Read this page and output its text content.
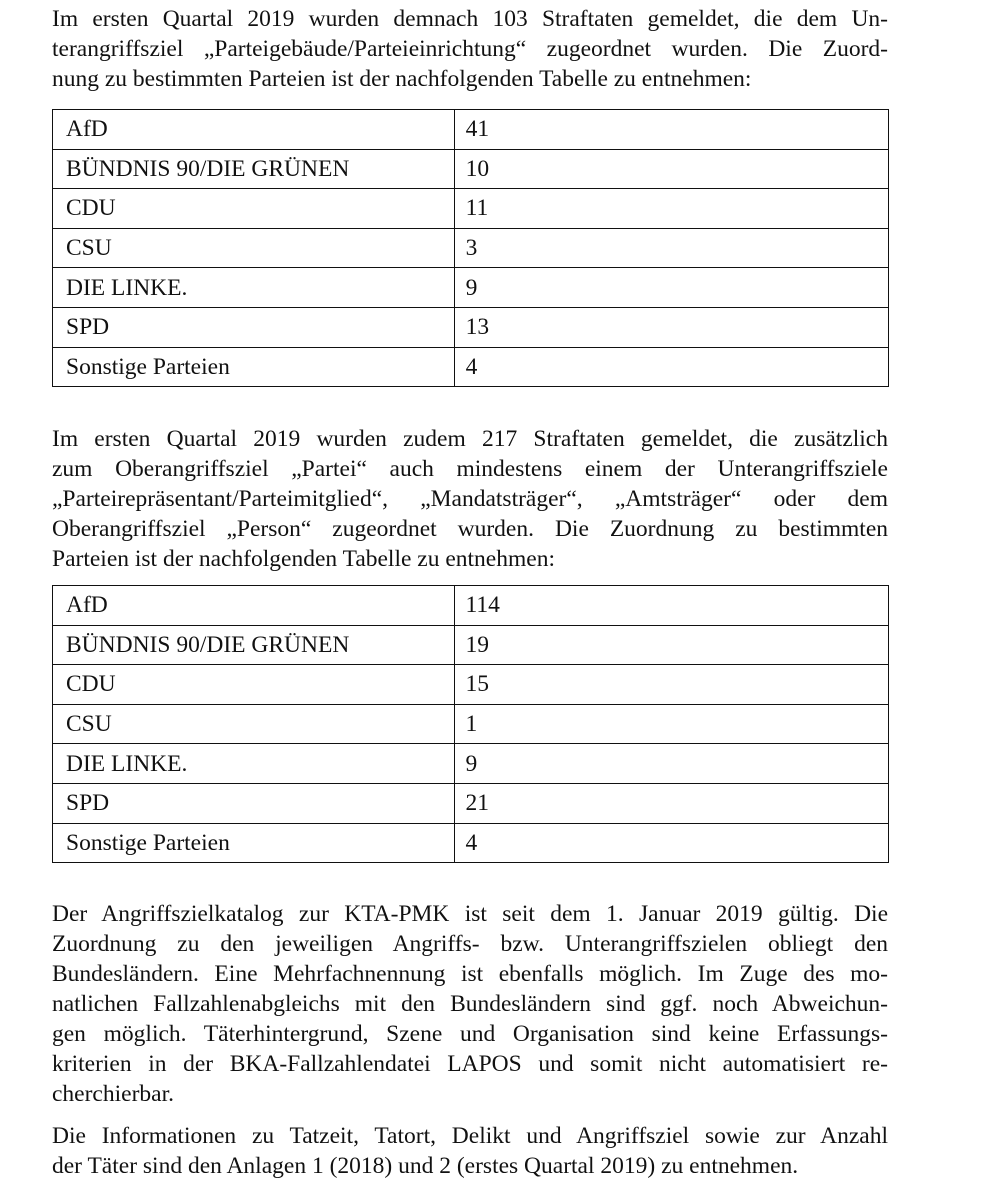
Im ersten Quartal 2019 wurden demnach 103 Straftaten gemeldet, die dem Un-
terangriffsziel „Parteigebäude/Parteieinrichtung“ zugeordnet wurden. Die Zuord-
nung zu bestimmten Parteien ist der nachfolgenden Tabelle zu entnehmen:

AfD	41
BÜNDNIS 90/DIE GRÜNEN	10
CDU	11
CSU	3
DIE LINKE.	9
SPD	13
Sonstige Parteien	4

Im ersten Quartal 2019 wurden zudem 217 Straftaten gemeldet, die zusätzlich
zum Oberangriffsziel „Partei“ auch mindestens einem der Unterangriffsziele
„Parteirepräsentant/Parteimitglied“, „Mandatsträger“, „Amtsträger“ oder dem
Oberangriffsziel „Person“ zugeordnet wurden. Die Zuordnung zu bestimmten
Parteien ist der nachfolgenden Tabelle zu entnehmen:

AfD	114
BÜNDNIS 90/DIE GRÜNEN	19
CDU	15
CSU	1
DIE LINKE.	9
SPD	21
Sonstige Parteien	4

Der Angriffszielkatalog zur KTA-PMK ist seit dem 1. Januar 2019 gültig. Die
Zuordnung zu den jeweiligen Angriffs- bzw. Unterangriffszielen obliegt den
Bundesländern. Eine Mehrfachnennung ist ebenfalls möglich. Im Zuge des mo-
natlichen Fallzahlenabgleichs mit den Bundesländern sind ggf. noch Abweichun-
gen möglich. Täterhintergrund, Szene und Organisation sind keine Erfassungs-
kriterien in der BKA-Fallzahlendatei LAPOS und somit nicht automatisiert re-
cherchierbar.

Die Informationen zu Tatzeit, Tatort, Delikt und Angriffsziel sowie zur Anzahl
der Täter sind den Anlagen 1 (2018) und 2 (erstes Quartal 2019) zu entnehmen.
